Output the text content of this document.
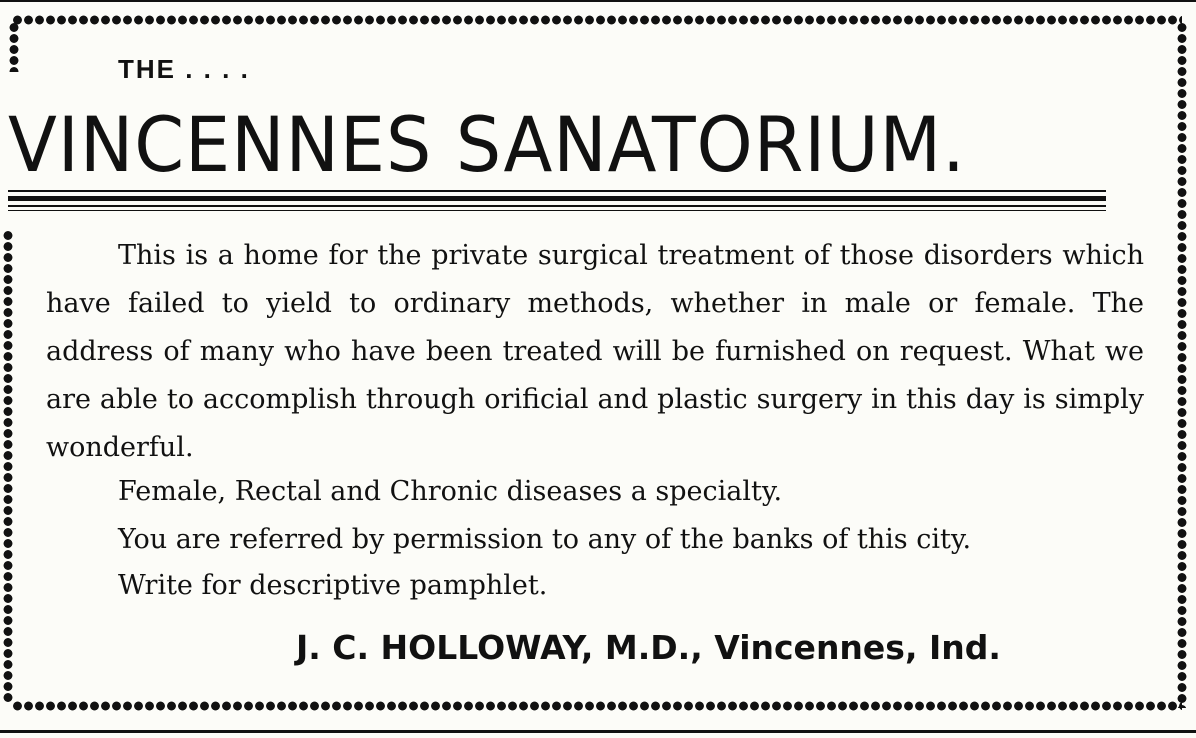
THE . . . .
VINCENNES SANATORIUM.

This is a home for the private surgical treatment of those disorders which have failed to yield to ordinary methods, whether in male or female. The address of many who have been treated will be furnished on request. What we are able to accomplish through orificial and plastic surgery in this day is simply wonderful.

Female, Rectal and Chronic diseases a specialty.
You are referred by permission to any of the banks of this city.
Write for descriptive pamphlet.
J. C. HOLLOWAY, M.D., Vincennes, Ind.
